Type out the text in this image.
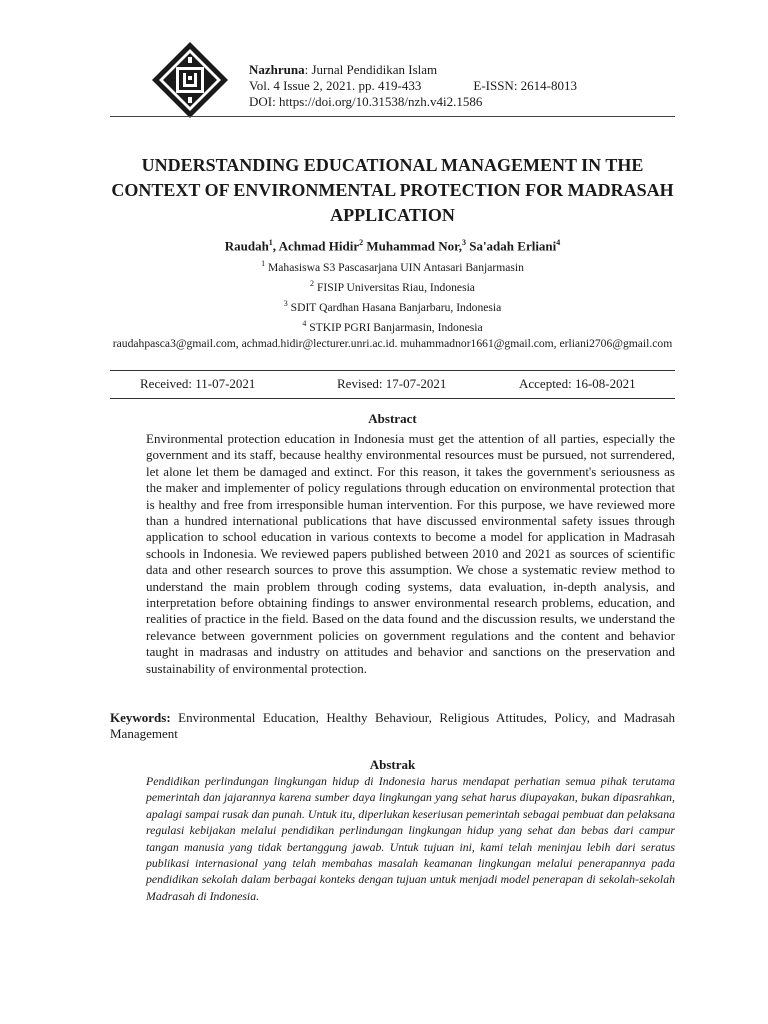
Nazhruna: Jurnal Pendidikan Islam
Vol. 4 Issue 2, 2021. pp. 419-433	E-ISSN: 2614-8013
DOI: https://doi.org/10.31538/nzh.v4i2.1586
UNDERSTANDING EDUCATIONAL MANAGEMENT IN THE CONTEXT OF ENVIRONMENTAL PROTECTION FOR MADRASAH APPLICATION
Raudah$^1$, Achmad Hidir$^2$ Muhammad Nor,$^3$ Sa'adah Erliani$^4$
$^1$ Mahasiswa S3 Pascasarjana UIN Antasari Banjarmasin
$^2$ FISIP Universitas Riau, Indonesia
$^3$ SDIT Qardhan Hasana Banjarbaru, Indonesia
$^4$ STKIP PGRI Banjarmasin, Indonesia
raudahpasca3@gmail.com, achmad.hidir@lecturer.unri.ac.id. muhammadnor1661@gmail.com, erliani2706@gmail.com
Received: 11-07-2021	Revised: 17-07-2021	Accepted: 16-08-2021
Abstract
Environmental protection education in Indonesia must get the attention of all parties, especially the government and its staff, because healthy environmental resources must be pursued, not surrendered, let alone let them be damaged and extinct. For this reason, it takes the government's seriousness as the maker and implementer of policy regulations through education on environmental protection that is healthy and free from irresponsible human intervention. For this purpose, we have reviewed more than a hundred international publications that have discussed environmental safety issues through application to school education in various contexts to become a model for application in Madrasah schools in Indonesia. We reviewed papers published between 2010 and 2021 as sources of scientific data and other research sources to prove this assumption. We chose a systematic review method to understand the main problem through coding systems, data evaluation, in-depth analysis, and interpretation before obtaining findings to answer environmental research problems, education, and realities of practice in the field. Based on the data found and the discussion results, we understand the relevance between government policies on government regulations and the content and behavior taught in madrasas and industry on attitudes and behavior and sanctions on the preservation and sustainability of environmental protection.
Keywords: Environmental Education, Healthy Behaviour, Religious Attitudes, Policy, and Madrasah Management
Abstrak
Pendidikan perlindungan lingkungan hidup di Indonesia harus mendapat perhatian semua pihak terutama pemerintah dan jajarannya karena sumber daya lingkungan yang sehat harus diupayakan, bukan dipasrahkan, apalagi sampai rusak dan punah. Untuk itu, diperlukan keseriusan pemerintah sebagai pembuat dan pelaksana regulasi kebijakan melalui pendidikan perlindungan lingkungan hidup yang sehat dan bebas dari campur tangan manusia yang tidak bertanggung jawab. Untuk tujuan ini, kami telah meninjau lebih dari seratus publikasi internasional yang telah membahas masalah keamanan lingkungan melalui penerapannya pada pendidikan sekolah dalam berbagai konteks dengan tujuan untuk menjadi model penerapan di sekolah-sekolah Madrasah di Indonesia.
